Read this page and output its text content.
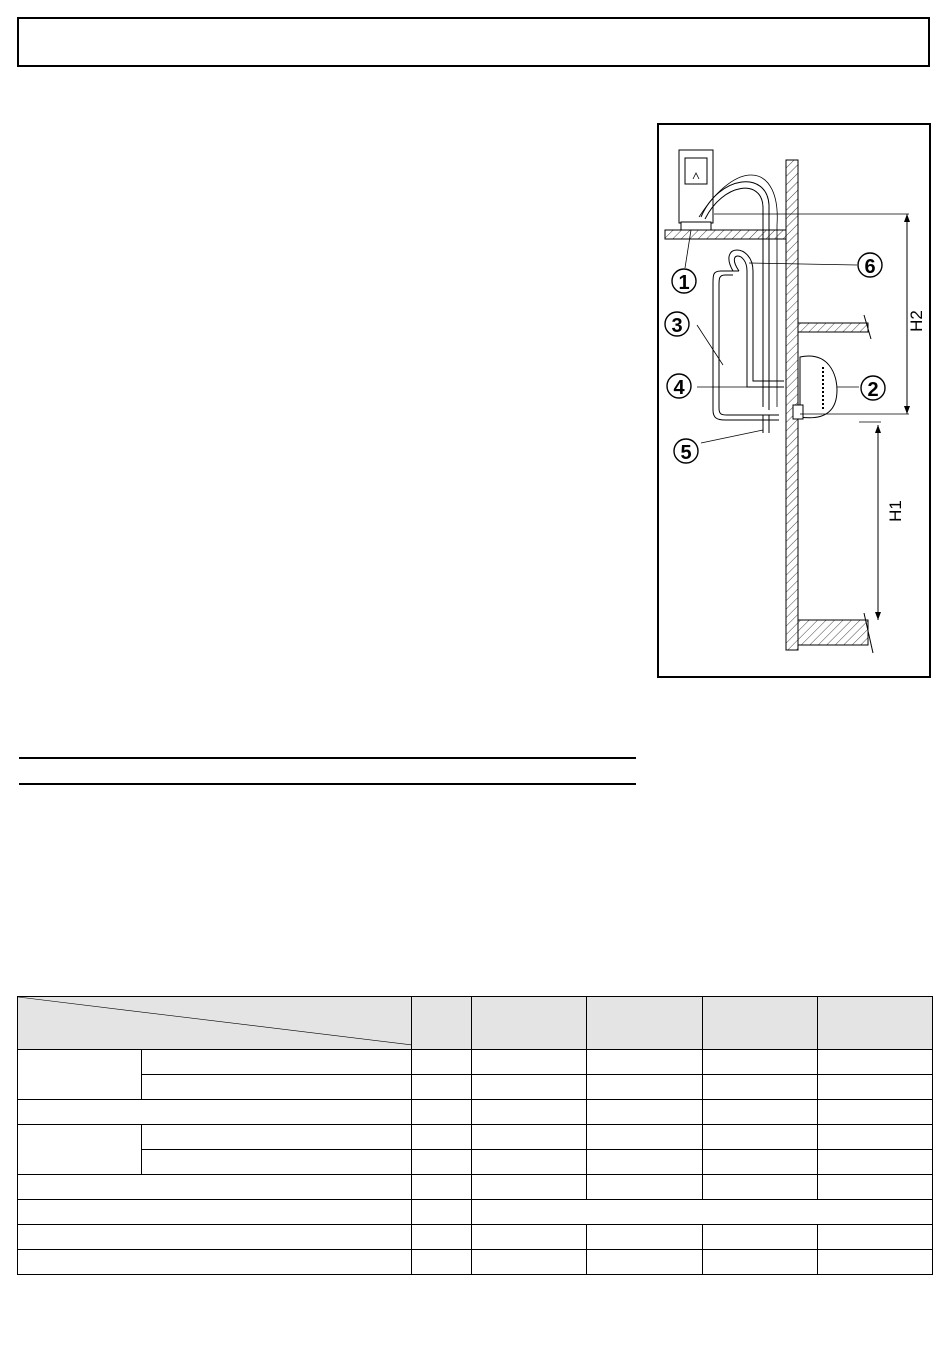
1
3
4
5
6
2
H2
H1
